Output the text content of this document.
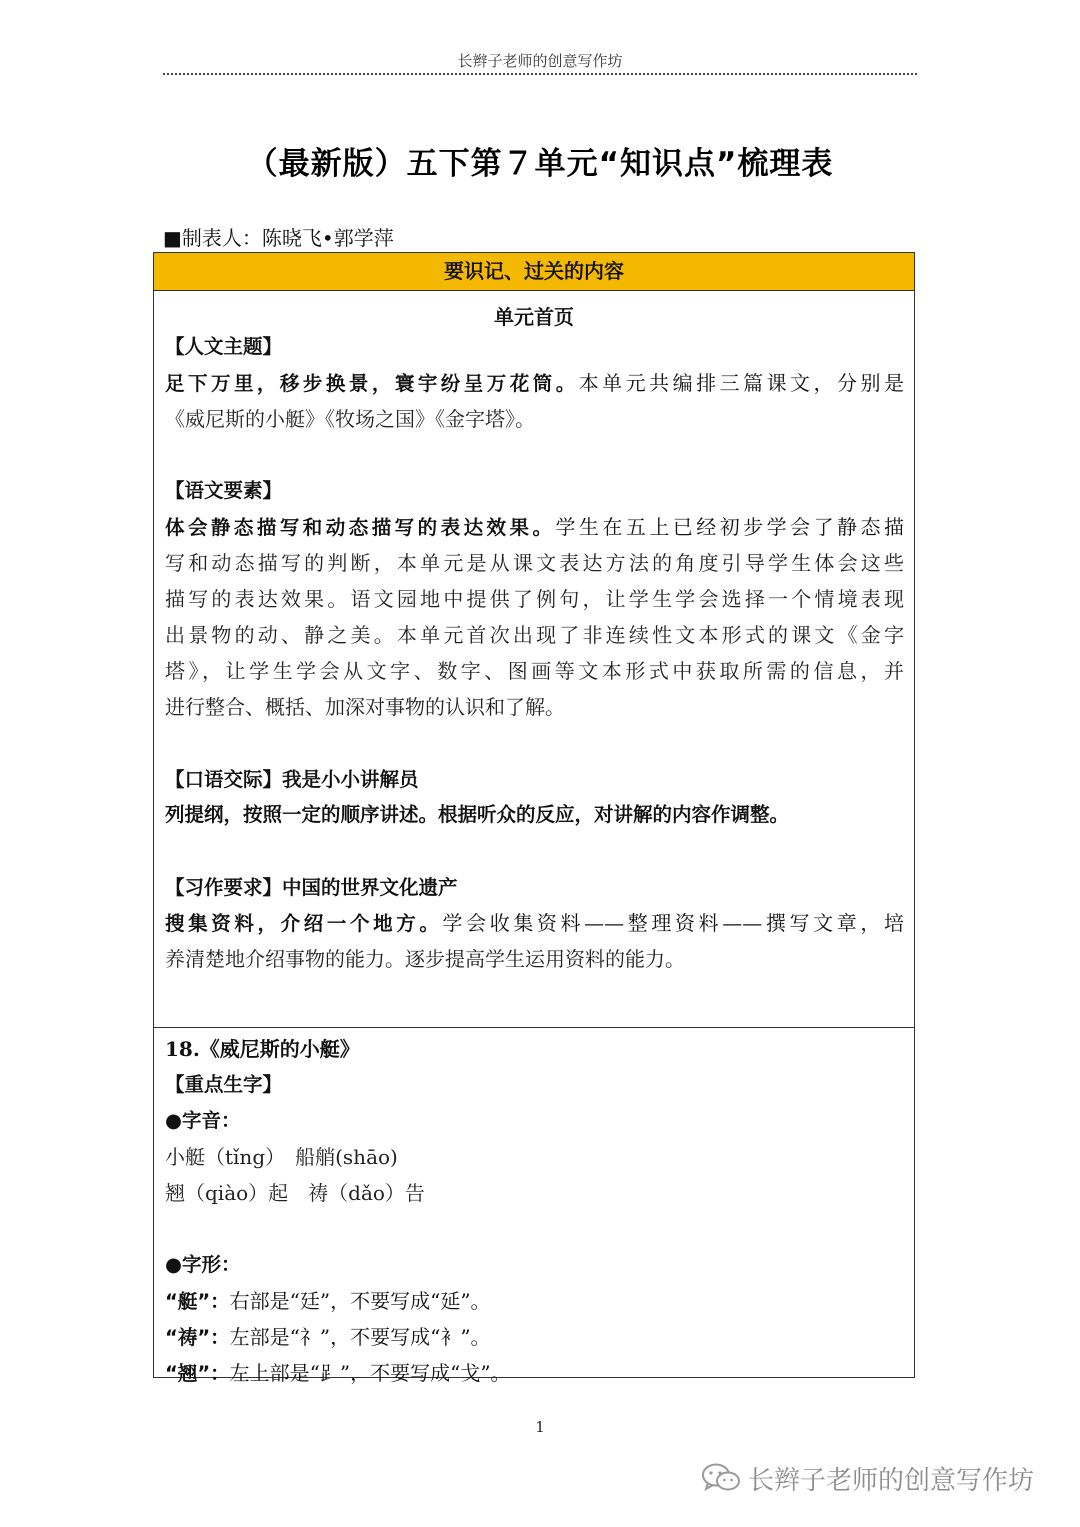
长辫子老师的创意写作坊
（最新版）五下第７单元“知识点”梳理表
■制表人：陈晓飞•郭学萍
要识记、过关的内容
单元首页
【人文主题】
足下万里，移步换景，寰宇纷呈万花筒。本单元共编排三篇课文，分别是
《威尼斯的小艇》《牧场之国》《金字塔》。
【语文要素】
体会静态描写和动态描写的表达效果。学生在五上已经初步学会了静态描
写和动态描写的判断，本单元是从课文表达方法的角度引导学生体会这些
描写的表达效果。语文园地中提供了例句，让学生学会选择一个情境表现
出景物的动、静之美。本单元首次出现了非连续性文本形式的课文《金字
塔》，让学生学会从文字、数字、图画等文本形式中获取所需的信息，并
进行整合、概括、加深对事物的认识和了解。
【口语交际】我是小小讲解员
列提纲，按照一定的顺序讲述。根据听众的反应，对讲解的内容作调整。
【习作要求】中国的世界文化遗产
搜集资料，介绍一个地方。学会收集资料——整理资料——撰写文章，培
养清楚地介绍事物的能力。逐步提高学生运用资料的能力。
18.《威尼斯的小艇》
【重点生字】
●字音：
小艇（tǐng）　船艄(shāo)
翘（qiào）起　祷（dǎo）告
●字形：
“艇”：右部是“廷”，不要写成“延”。
“祷”：左部是“礻”，不要写成“衤”。
“翘”：左上部是“⻊”，不要写成“戈”。
1
长辫子老师的创意写作坊
